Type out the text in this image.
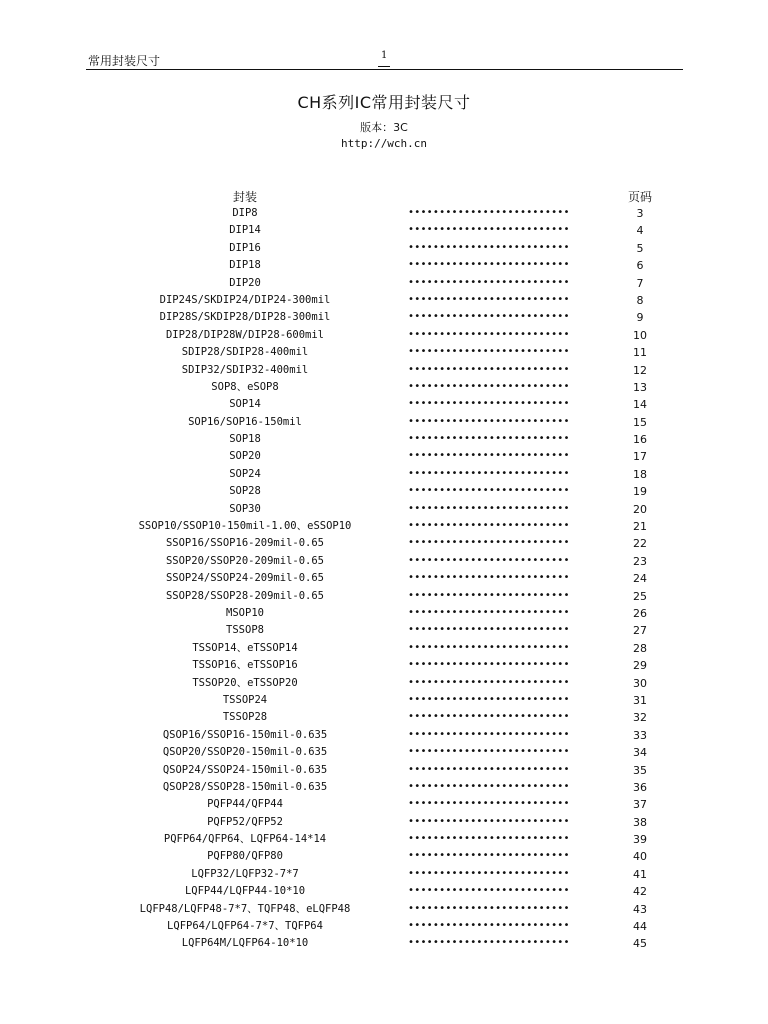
常用封装尺寸	1
CH系列IC常用封装尺寸
版本：3C
http://wch.cn
封装	页码
DIP8	••••••••••••••••••••••••••	3
DIP14	••••••••••••••••••••••••••	4
DIP16	••••••••••••••••••••••••••	5
DIP18	••••••••••••••••••••••••••	6
DIP20	••••••••••••••••••••••••••	7
DIP24S/SKDIP24/DIP24-300mil	••••••••••••••••••••••••••	8
DIP28S/SKDIP28/DIP28-300mil	••••••••••••••••••••••••••	9
DIP28/DIP28W/DIP28-600mil	••••••••••••••••••••••••••	10
SDIP28/SDIP28-400mil	••••••••••••••••••••••••••	11
SDIP32/SDIP32-400mil	••••••••••••••••••••••••••	12
SOP8、eSOP8	••••••••••••••••••••••••••	13
SOP14	••••••••••••••••••••••••••	14
SOP16/SOP16-150mil	••••••••••••••••••••••••••	15
SOP18	••••••••••••••••••••••••••	16
SOP20	••••••••••••••••••••••••••	17
SOP24	••••••••••••••••••••••••••	18
SOP28	••••••••••••••••••••••••••	19
SOP30	••••••••••••••••••••••••••	20
SSOP10/SSOP10-150mil-1.00、eSSOP10	••••••••••••••••••••••••••	21
SSOP16/SSOP16-209mil-0.65	••••••••••••••••••••••••••	22
SSOP20/SSOP20-209mil-0.65	••••••••••••••••••••••••••	23
SSOP24/SSOP24-209mil-0.65	••••••••••••••••••••••••••	24
SSOP28/SSOP28-209mil-0.65	••••••••••••••••••••••••••	25
MSOP10	••••••••••••••••••••••••••	26
TSSOP8	••••••••••••••••••••••••••	27
TSSOP14、eTSSOP14	••••••••••••••••••••••••••	28
TSSOP16、eTSSOP16	••••••••••••••••••••••••••	29
TSSOP20、eTSSOP20	••••••••••••••••••••••••••	30
TSSOP24	••••••••••••••••••••••••••	31
TSSOP28	••••••••••••••••••••••••••	32
QSOP16/SSOP16-150mil-0.635	••••••••••••••••••••••••••	33
QSOP20/SSOP20-150mil-0.635	••••••••••••••••••••••••••	34
QSOP24/SSOP24-150mil-0.635	••••••••••••••••••••••••••	35
QSOP28/SSOP28-150mil-0.635	••••••••••••••••••••••••••	36
PQFP44/QFP44	••••••••••••••••••••••••••	37
PQFP52/QFP52	••••••••••••••••••••••••••	38
PQFP64/QFP64、LQFP64-14*14	••••••••••••••••••••••••••	39
PQFP80/QFP80	••••••••••••••••••••••••••	40
LQFP32/LQFP32-7*7	••••••••••••••••••••••••••	41
LQFP44/LQFP44-10*10	••••••••••••••••••••••••••	42
LQFP48/LQFP48-7*7、TQFP48、eLQFP48	••••••••••••••••••••••••••	43
LQFP64/LQFP64-7*7、TQFP64	••••••••••••••••••••••••••	44
LQFP64M/LQFP64-10*10	••••••••••••••••••••••••••	45
